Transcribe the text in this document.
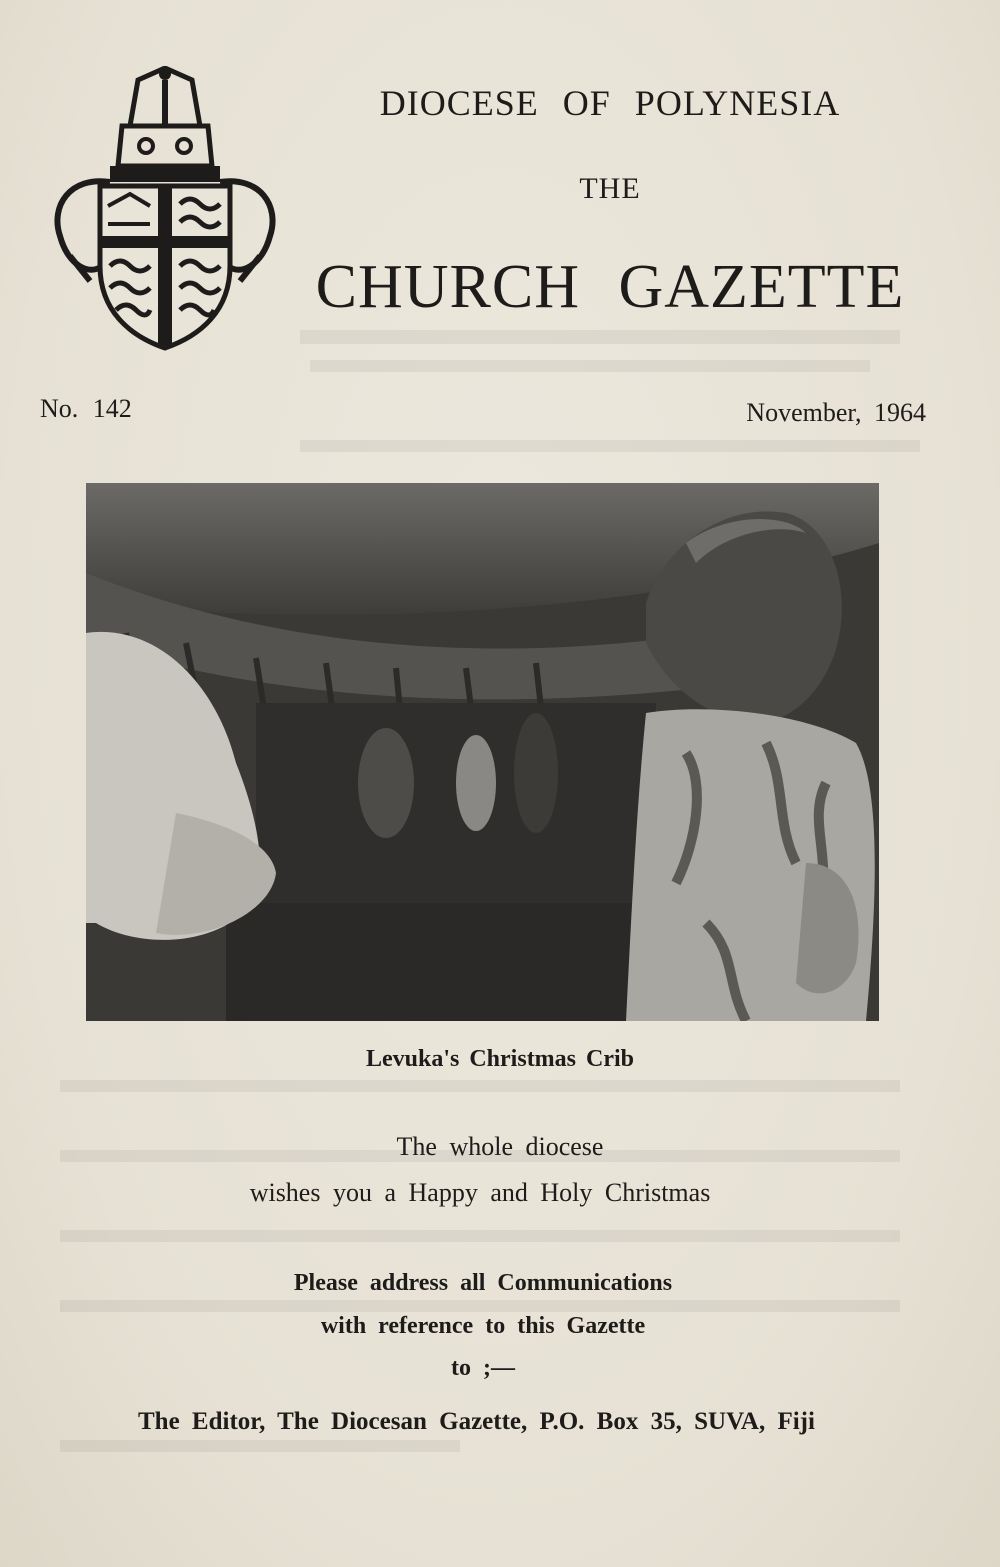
DIOCESE OF POLYNESIA
THE
CHURCH GAZETTE
No. 142	November, 1964
Levuka's Christmas Crib
The whole diocese
wishes you a Happy and Holy Christmas
Please address all Communications
with reference to this Gazette
to ;—
The Editor, The Diocesan Gazette, P.O. Box 35, SUVA, Fiji
